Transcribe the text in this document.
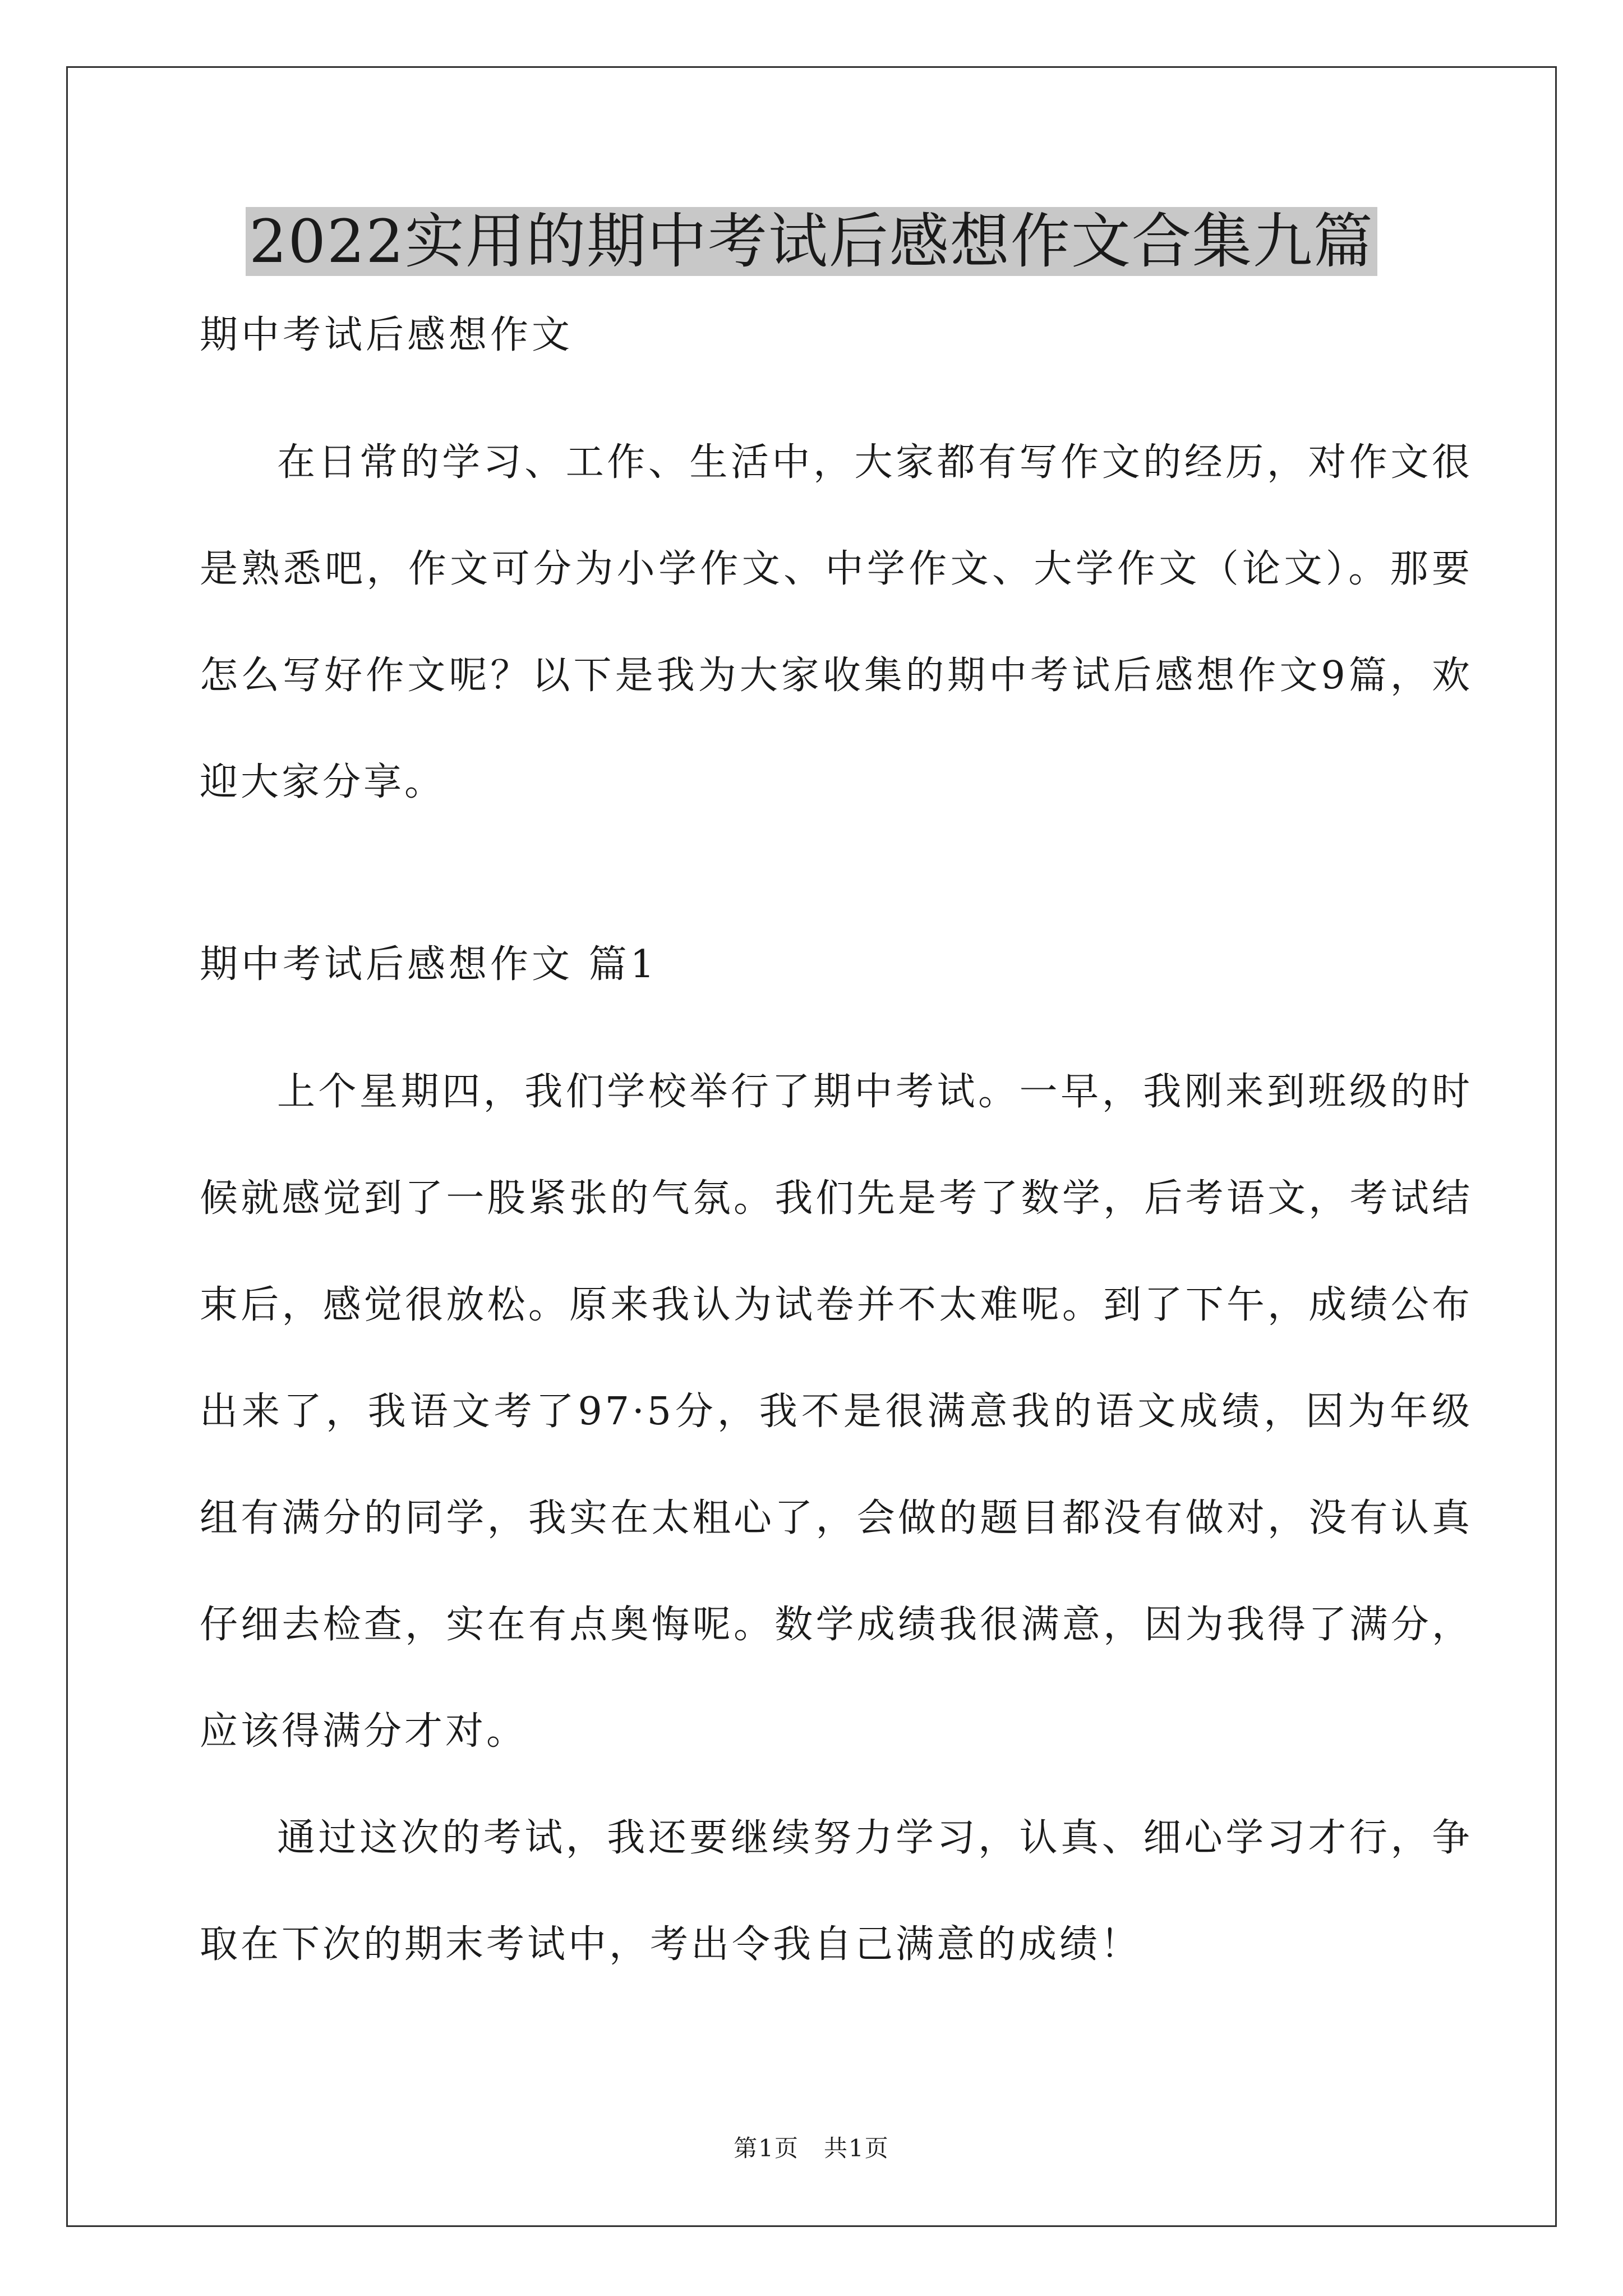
2022实用的期中考试后感想作文合集九篇

期中考试后感想作文

在日常的学习、工作、生活中，大家都有写作文的经历，对作文很是熟悉吧，作文可分为小学作文、中学作文、大学作文（论文）。那要怎么写好作文呢？以下是我为大家收集的期中考试后感想作文9篇，欢迎大家分享。

期中考试后感想作文 篇1

上个星期四，我们学校举行了期中考试。一早，我刚来到班级的时候就感觉到了一股紧张的气氛。我们先是考了数学，后考语文，考试结束后，感觉很放松。原来我认为试卷并不太难呢。到了下午，成绩公布出来了，我语文考了97·5分，我不是很满意我的语文成绩，因为年级组有满分的同学，我实在太粗心了，会做的题目都没有做对，没有认真仔细去检查，实在有点奥悔呢。数学成绩我很满意，因为我得了满分，应该得满分才对。

通过这次的考试，我还要继续努力学习，认真、细心学习才行，争取在下次的期末考试中，考出令我自己满意的成绩！

第1页　共1页
